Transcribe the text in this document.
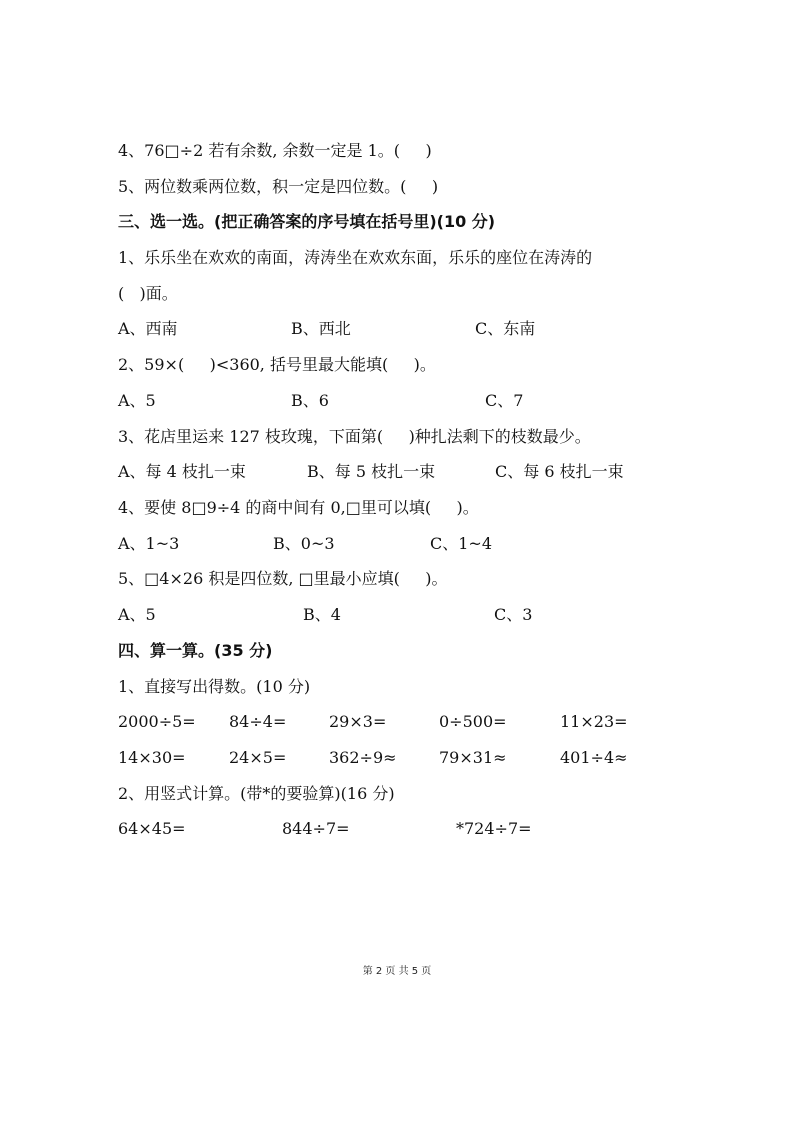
4、76□÷2 若有余数, 余数一定是 1。(     )
5、两位数乘两位数，积一定是四位数。(     )
三、选一选。(把正确答案的序号填在括号里)(10 分)
1、乐乐坐在欢欢的南面，涛涛坐在欢欢东面，乐乐的座位在涛涛的
(   )面。
A、西南	B、西北	C、东南
2、59×(     )<360, 括号里最大能填(     )。
A、5	B、6	C、7
3、花店里运来 127 枝玫瑰，下面第(     )种扎法剩下的枝数最少。
A、每 4 枝扎一束	B、每 5 枝扎一束	C、每 6 枝扎一束
4、要使 8□9÷4 的商中间有 0,□里可以填(     )。
A、1~3	B、0~3	C、1~4
5、□4×26 积是四位数, □里最小应填(     )。
A、5	B、4	C、3
四、算一算。(35 分)
1、直接写出得数。(10 分)
2000÷5= 84÷4=	29×3=	0÷500=	11×23=
14×30=	24×5=	362÷9≈	79×31≈	401÷4≈
2、用竖式计算。(带*的要验算)(16 分)
64×45=	844÷7=	*724÷7=
第 2 页 共 5 页
